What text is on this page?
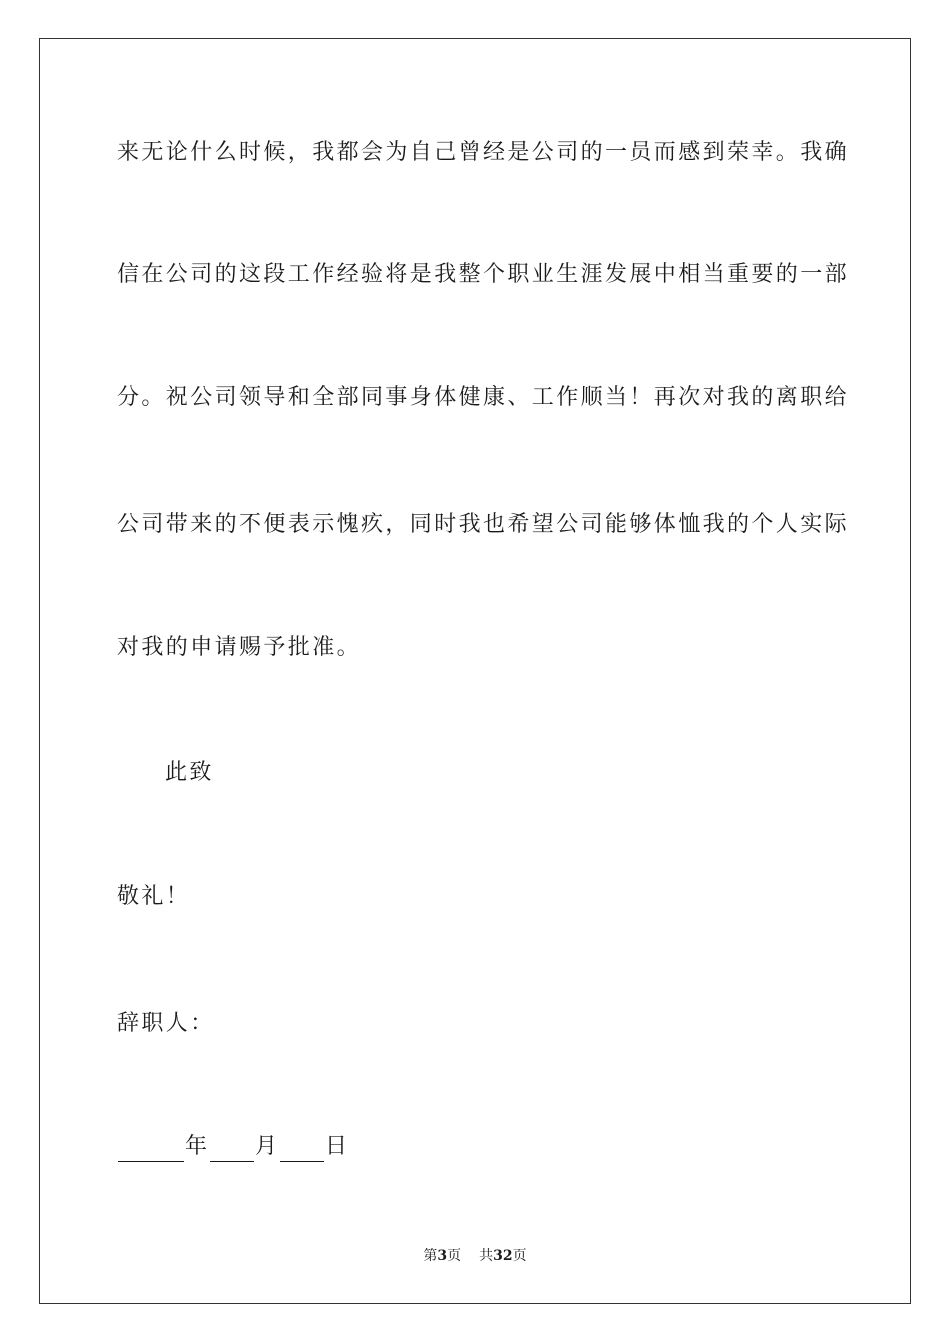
来无论什么时候，我都会为自己曾经是公司的一员而感到荣幸。我确
信在公司的这段工作经验将是我整个职业生涯发展中相当重要的一部
分。祝公司领导和全部同事身体健康、工作顺当！再次对我的离职给
公司带来的不便表示愧疚，同时我也希望公司能够体恤我的个人实际
对我的申请赐予批准。
此致
敬礼！
辞职人：
年 月 日
第3页 共32页
